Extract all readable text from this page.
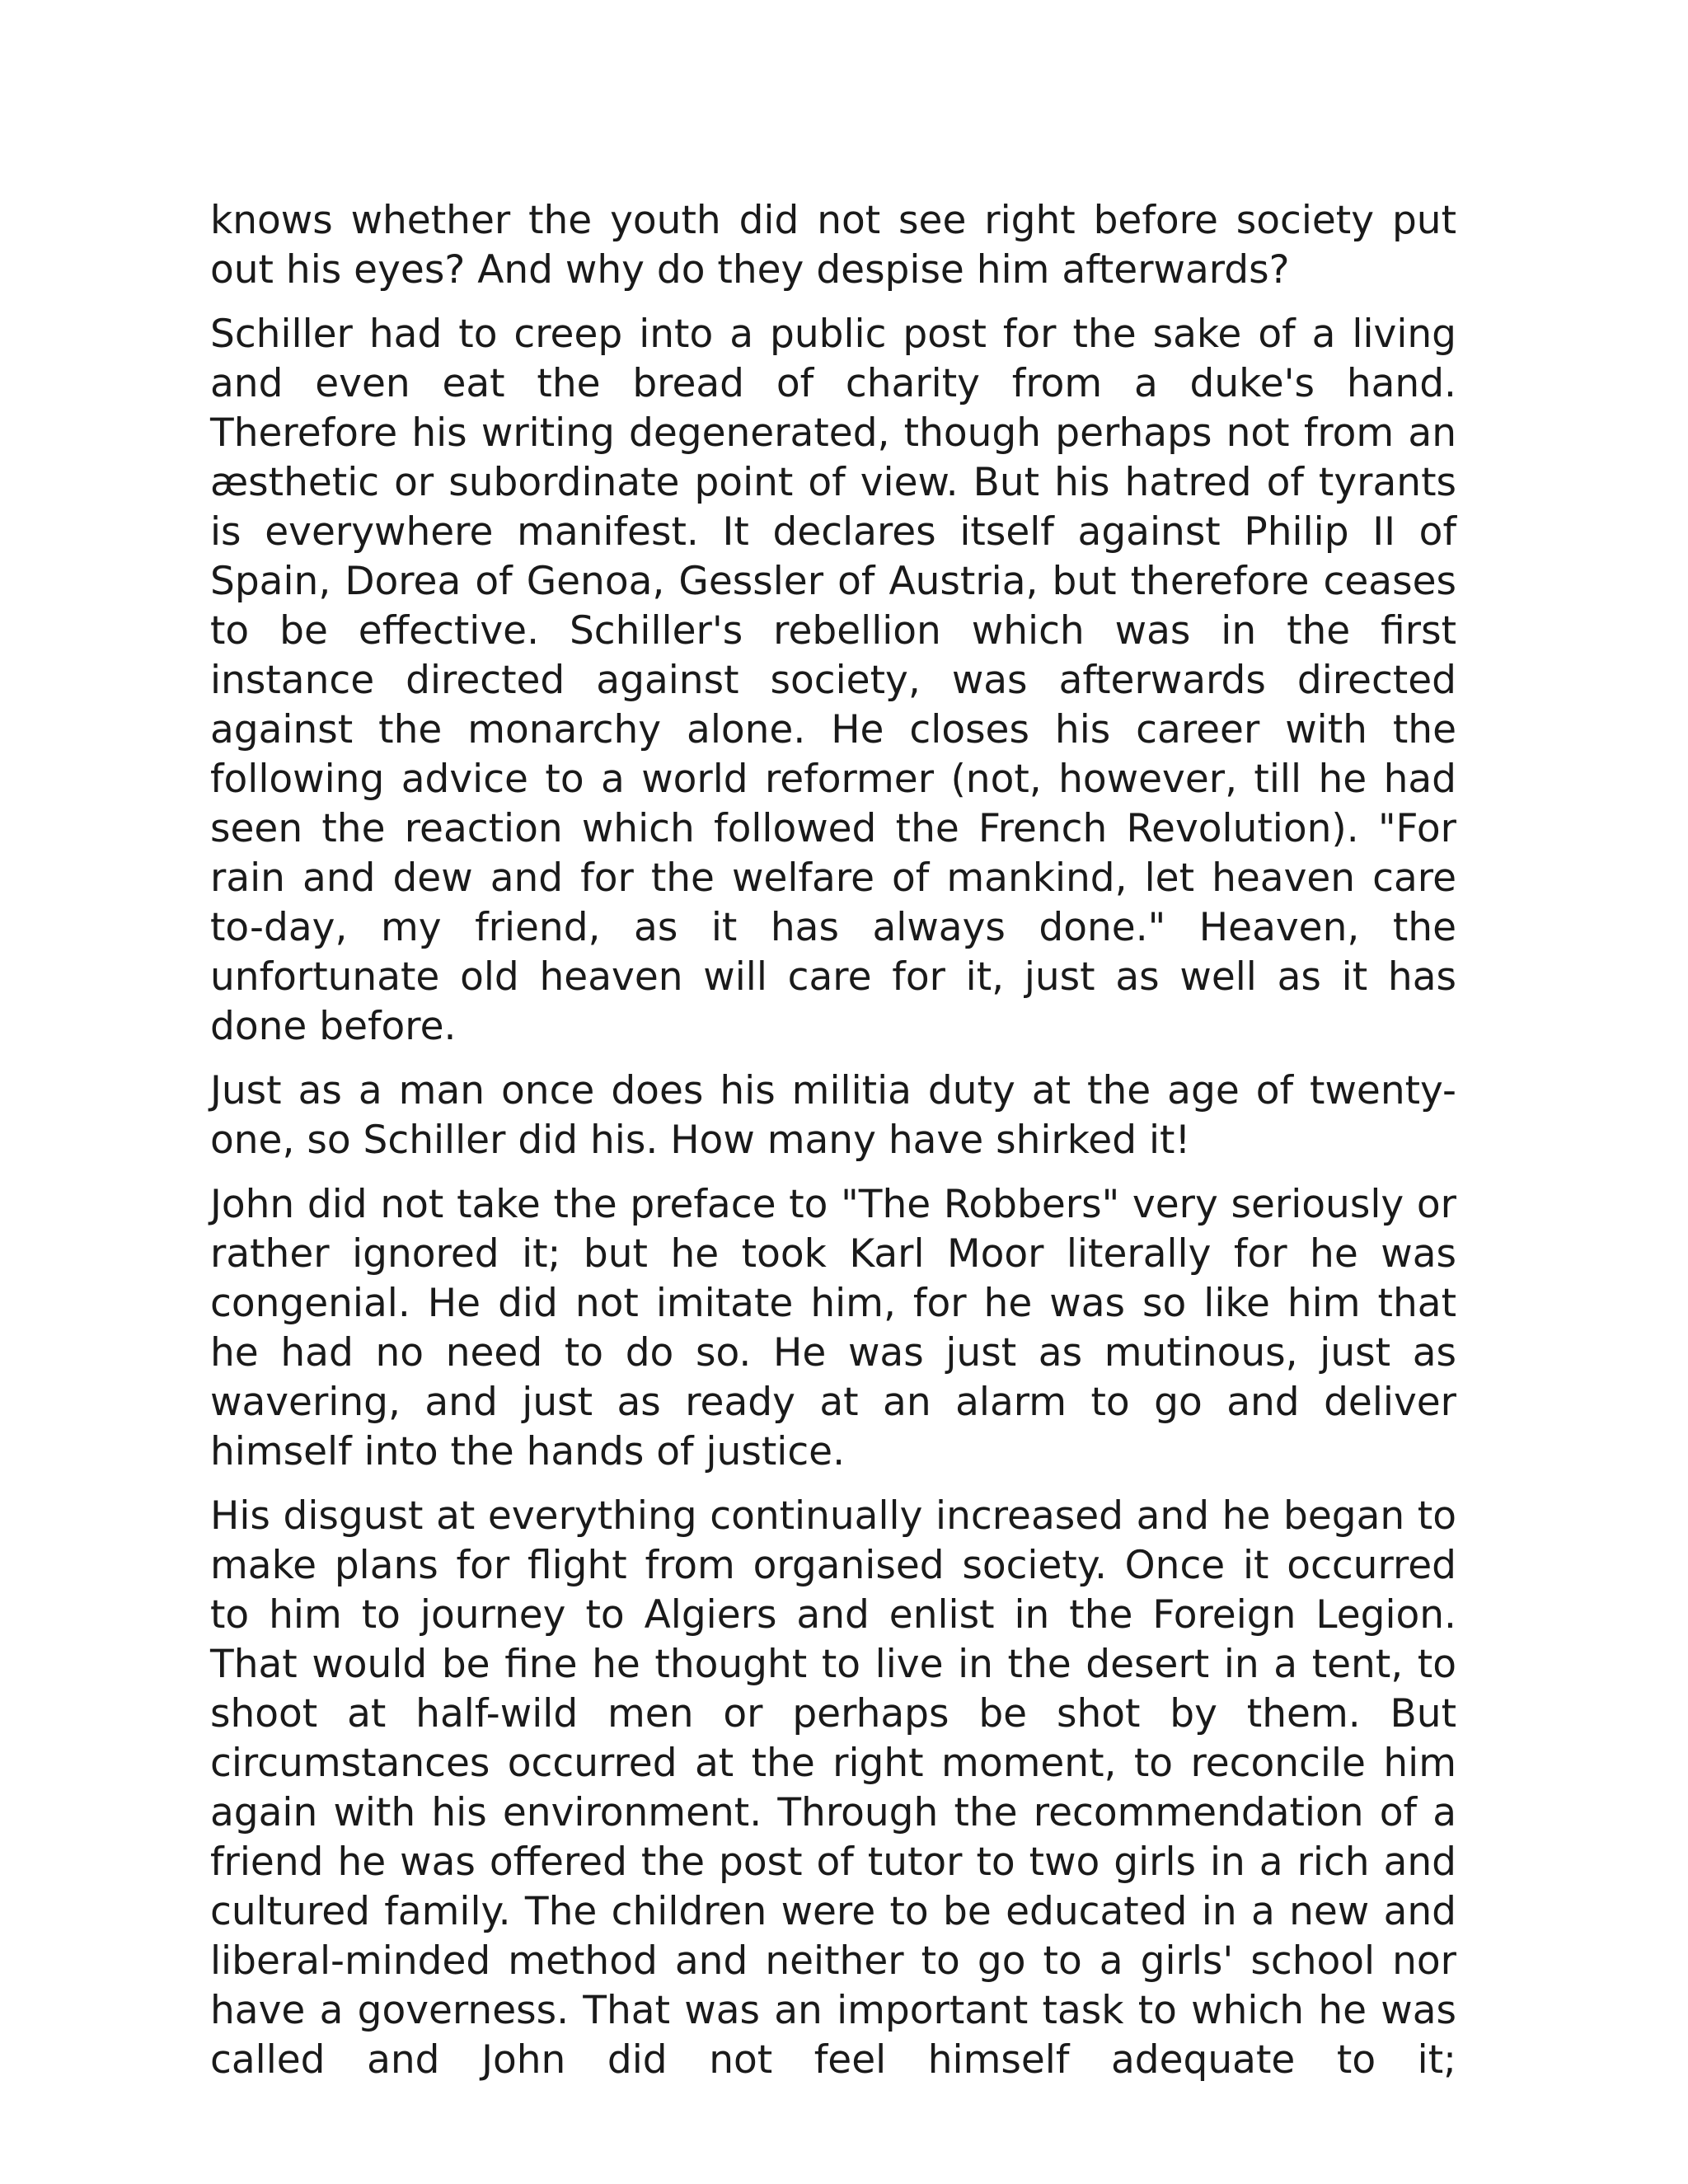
knows whether the youth did not see right before society put out his eyes? And why do they despise him afterwards?

Schiller had to creep into a public post for the sake of a living and even eat the bread of charity from a duke's hand. Therefore his writing degenerated, though perhaps not from an æsthetic or subordinate point of view. But his hatred of tyrants is everywhere manifest. It declares itself against Philip II of Spain, Dorea of Genoa, Gessler of Austria, but therefore ceases to be effective. Schiller's rebellion which was in the first instance directed against society, was afterwards directed against the monarchy alone. He closes his career with the following advice to a world reformer (not, however, till he had seen the reaction which followed the French Revolution). "For rain and dew and for the welfare of mankind, let heaven care to-day, my friend, as it has always done." Heaven, the unfortunate old heaven will care for it, just as well as it has done before.

Just as a man once does his militia duty at the age of twenty-one, so Schiller did his. How many have shirked it!

John did not take the preface to "The Robbers" very seriously or rather ignored it; but he took Karl Moor literally for he was congenial. He did not imitate him, for he was so like him that he had no need to do so. He was just as mutinous, just as wavering, and just as ready at an alarm to go and deliver himself into the hands of justice.

His disgust at everything continually increased and he began to make plans for flight from organised society. Once it occurred to him to journey to Algiers and enlist in the Foreign Legion. That would be fine he thought to live in the desert in a tent, to shoot at half-wild men or perhaps be shot by them. But circumstances occurred at the right moment, to reconcile him again with his environment. Through the recommendation of a friend he was offered the post of tutor to two girls in a rich and cultured family. The children were to be educated in a new and liberal-minded method and neither to go to a girls' school nor have a governess. That was an important task to which he was called and John did not feel himself adequate to it;
